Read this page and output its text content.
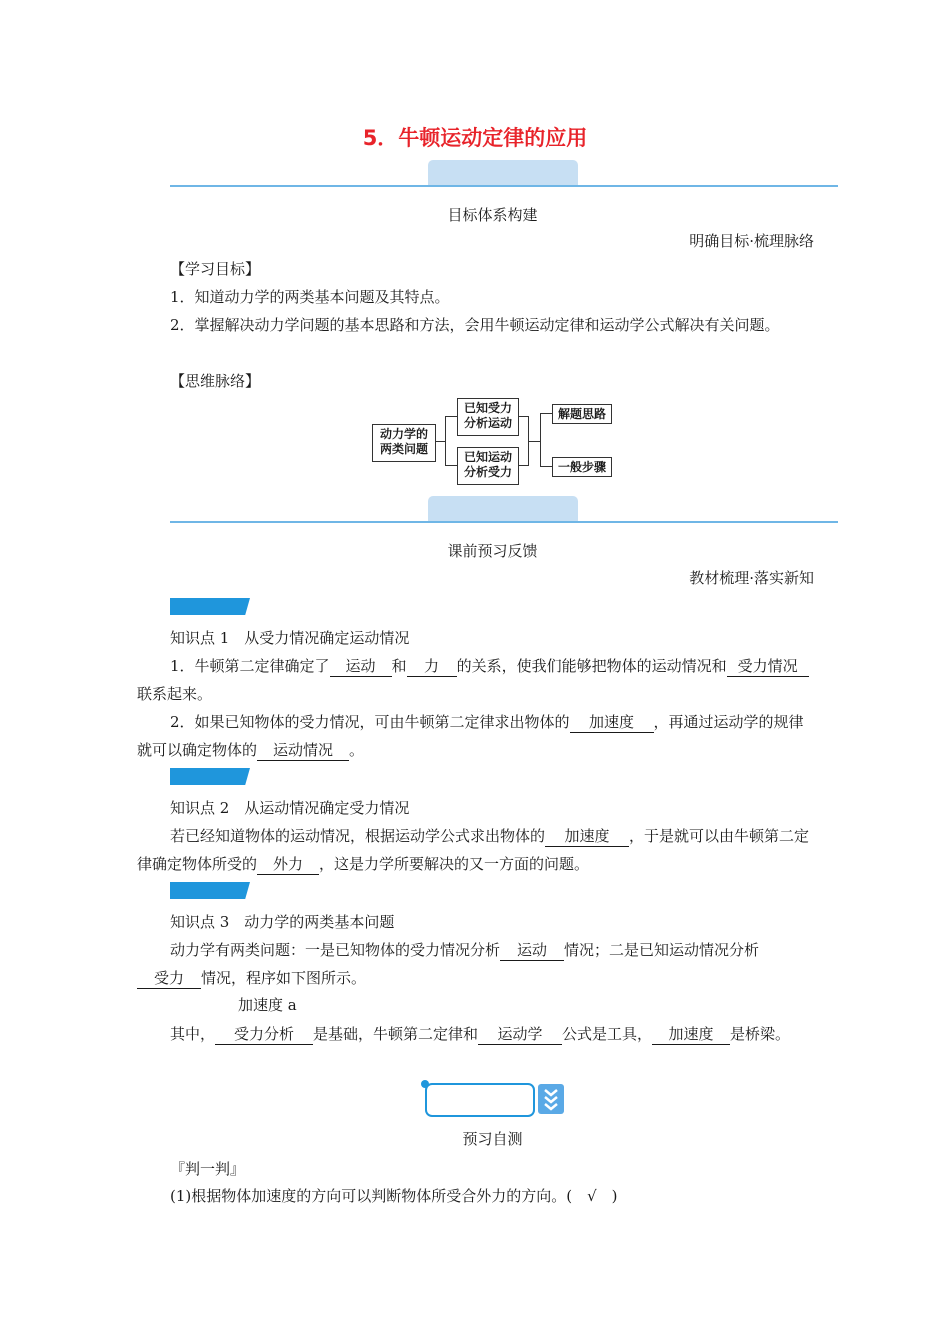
5．牛顿运动定律的应用
目标体系构建
明确目标·梳理脉络
【学习目标】
1．知道动力学的两类基本问题及其特点。
2．掌握解决动力学问题的基本思路和方法，会用牛顿运动定律和运动学公式解决有关问题。
【思维脉络】
动力学的
两类问题
已知受力
分析运动
已知运动
分析受力
解题思路
一般步骤
课前预习反馈
教材梳理·落实新知
知识点 1　从受力情况确定运动情况
1．牛顿第二定律确定了 运动 和 力 的关系，使我们能够把物体的运动情况和 受力情况联系起来。
2．如果已知物体的受力情况，可由牛顿第二定律求出物体的 加速度 ，再通过运动学的规律就可以确定物体的 运动情况 。
知识点 2　从运动情况确定受力情况
若已经知道物体的运动情况，根据运动学公式求出物体的 加速度 ，于是就可以由牛顿第二定律确定物体所受的 外力 ，这是力学所要解决的又一方面的问题。
知识点 3　动力学的两类基本问题
动力学有两类问题：一是已知物体的受力情况分析 运动 情况；二是已知运动情况分析受力 情况，程序如下图所示。
加速度 a
其中， 受力分析 是基础，牛顿第二定律和 运动学 公式是工具， 加速度 是桥梁。
预习自测
『判一判』
(1)根据物体加速度的方向可以判断物体所受合外力的方向。(　√　)
